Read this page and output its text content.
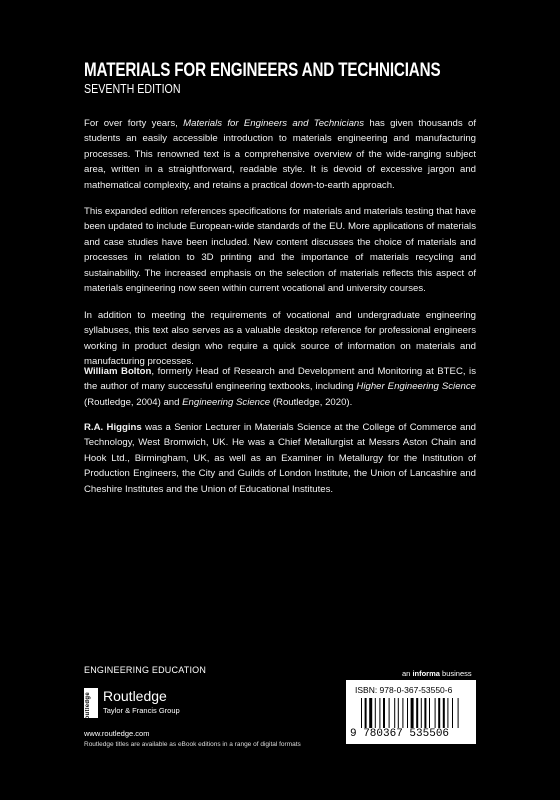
MATERIALS FOR ENGINEERS AND TECHNICIANS
SEVENTH EDITION
For over forty years, Materials for Engineers and Technicians has given thousands of students an easily accessible introduction to materials engineering and manufacturing processes. This renowned text is a comprehensive overview of the wide-ranging subject area, written in a straightforward, readable style. It is devoid of excessive jargon and mathematical complexity, and retains a practical down-to-earth approach.
This expanded edition references specifications for materials and materials testing that have been updated to include European-wide standards of the EU. More applications of materials and case studies have been included. New content discusses the choice of materials and processes in relation to 3D printing and the importance of materials recycling and sustainability. The increased emphasis on the selection of materials reflects this aspect of materials engineering now seen within current vocational and university courses.
In addition to meeting the requirements of vocational and undergraduate engineering syllabuses, this text also serves as a valuable desktop reference for professional engineers working in product design who require a quick source of information on materials and manufacturing processes.
William Bolton, formerly Head of Research and Development and Monitoring at BTEC, is the author of many successful engineering textbooks, including Higher Engineering Science (Routledge, 2004) and Engineering Science (Routledge, 2020).
R.A. Higgins was a Senior Lecturer in Materials Science at the College of Commerce and Technology, West Bromwich, UK. He was a Chief Metallurgist at Messrs Aston Chain and Hook Ltd., Birmingham, UK, as well as an Examiner in Metallurgy for the Institution of Production Engineers, the City and Guilds of London Institute, the Union of Lancashire and Cheshire Institutes and the Union of Educational Institutes.
ENGINEERING EDUCATION
Routledge Routledge
Taylor & Francis Group
www.routledge.com
Routledge titles are available as eBook editions in a range of digital formats
an informa business
ISBN: 978-0-367-53550-6
9 780367 535506
